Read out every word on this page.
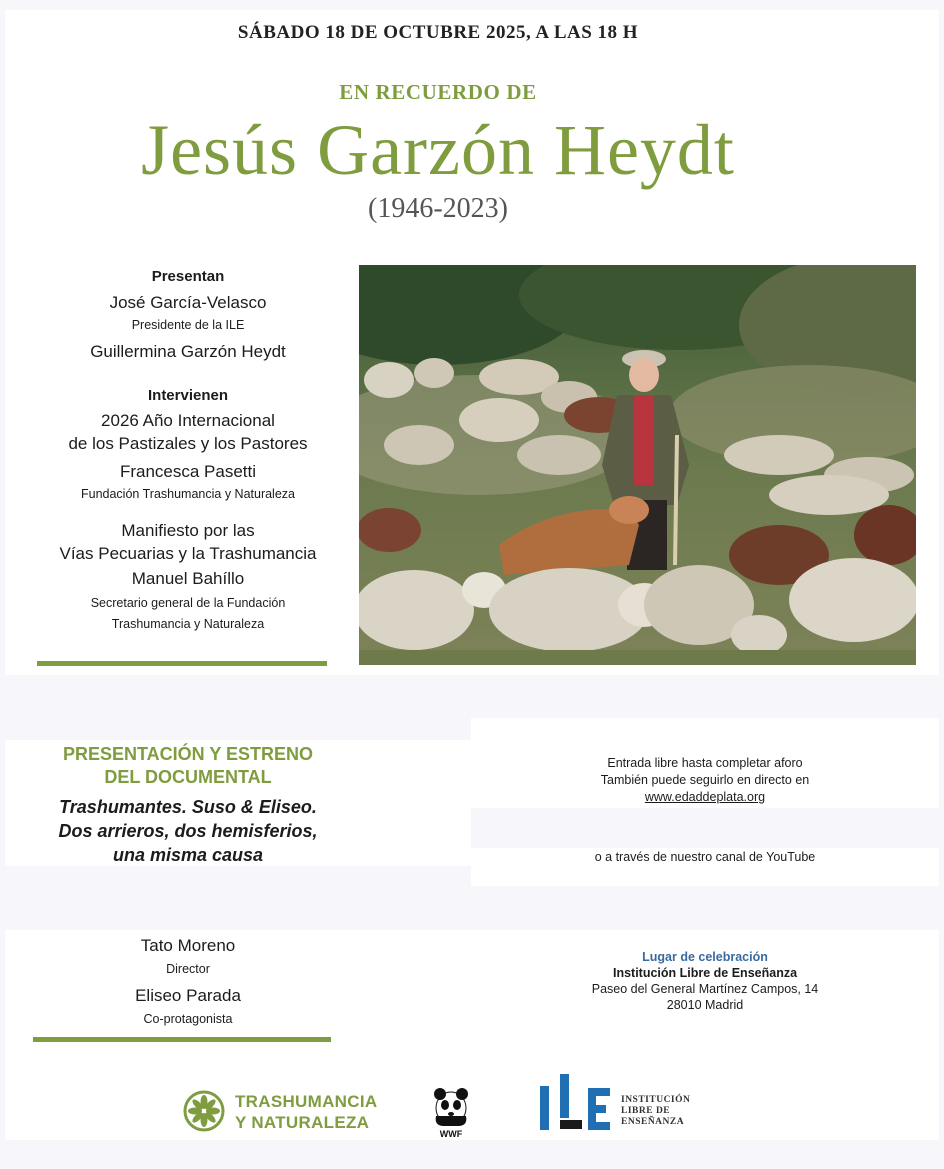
SÁBADO 18 DE OCTUBRE 2025, A LAS 18 H
EN RECUERDO DE
Jesús Garzón Heydt
(1946-2023)
Presentan
José García-Velasco
Presidente de la ILE
Guillermina Garzón Heydt
Intervienen
2026 Año Internacional
de los Pastizales y los Pastores
Francesca Pasetti
Fundación Trashumancia y Naturaleza
Manifiesto por las
Vías Pecuarias y la Trashumancia
Manuel Bahíllo
Secretario general de la Fundación
Trashumancia y Naturaleza
PRESENTACIÓN Y ESTRENO
DEL DOCUMENTAL
Trashumantes. Suso & Eliseo.
Dos arrieros, dos hemisferios,
una misma causa
Entrada libre hasta completar aforo
También puede seguirlo en directo en
www.edaddeplata.org
o a través de nuestro canal de YouTube
Tato Moreno
Director
Eliseo Parada
Co-protagonista
Lugar de celebración
Institución Libre de Enseñanza
Paseo del General Martínez Campos, 14
28010 Madrid
TRASHUMANCIA
Y NATURALEZA
WWF
INSTITUCIÓN
LIBRE DE
ENSEÑANZA
